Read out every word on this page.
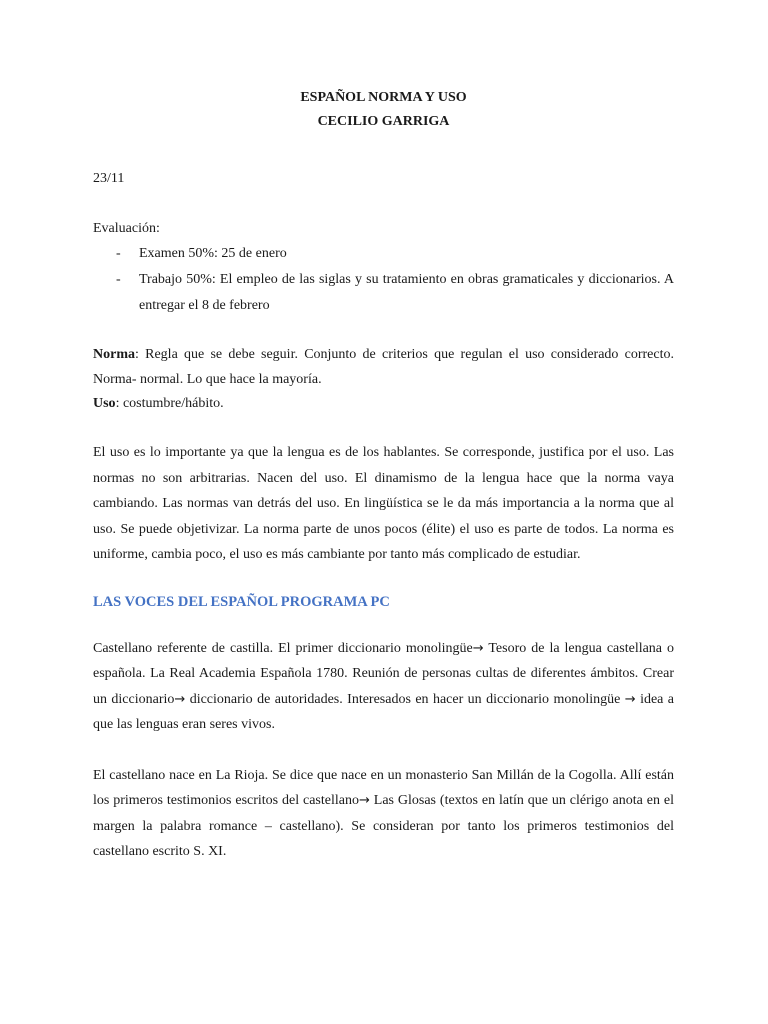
ESPAÑOL NORMA Y USO
CECILIO GARRIGA
23/11
Evaluación:
- Examen 50%: 25 de enero
- Trabajo 50%: El empleo de las siglas y su tratamiento en obras gramaticales y diccionarios. A entregar el 8 de febrero

Norma: Regla que se debe seguir. Conjunto de criterios que regulan el uso considerado correcto. Norma- normal. Lo que hace la mayoría.

Uso: costumbre/hábito.

El uso es lo importante ya que la lengua es de los hablantes. Se corresponde, justifica por el uso. Las normas no son arbitrarias. Nacen del uso. El dinamismo de la lengua hace que la norma vaya cambiando. Las normas van detrás del uso. En lingüística se le da más importancia a la norma que al uso. Se puede objetivizar. La norma parte de unos pocos (élite) el uso es parte de todos. La norma es uniforme, cambia poco, el uso es más cambiante por tanto más complicado de estudiar.

LAS VOCES DEL ESPAÑOL PROGRAMA PC

Castellano referente de castilla. El primer diccionario monolingüe→ Tesoro de la lengua castellana o española. La Real Academia Española 1780. Reunión de personas cultas de diferentes ámbitos. Crear un diccionario→ diccionario de autoridades. Interesados en hacer un diccionario monolingüe → idea a que las lenguas eran seres vivos.

El castellano nace en La Rioja. Se dice que nace en un monasterio San Millán de la Cogolla. Allí están los primeros testimonios escritos del castellano→ Las Glosas (textos en latín que un clérigo anota en el margen la palabra romance – castellano). Se consideran por tanto los primeros testimonios del castellano escrito S. XI.
